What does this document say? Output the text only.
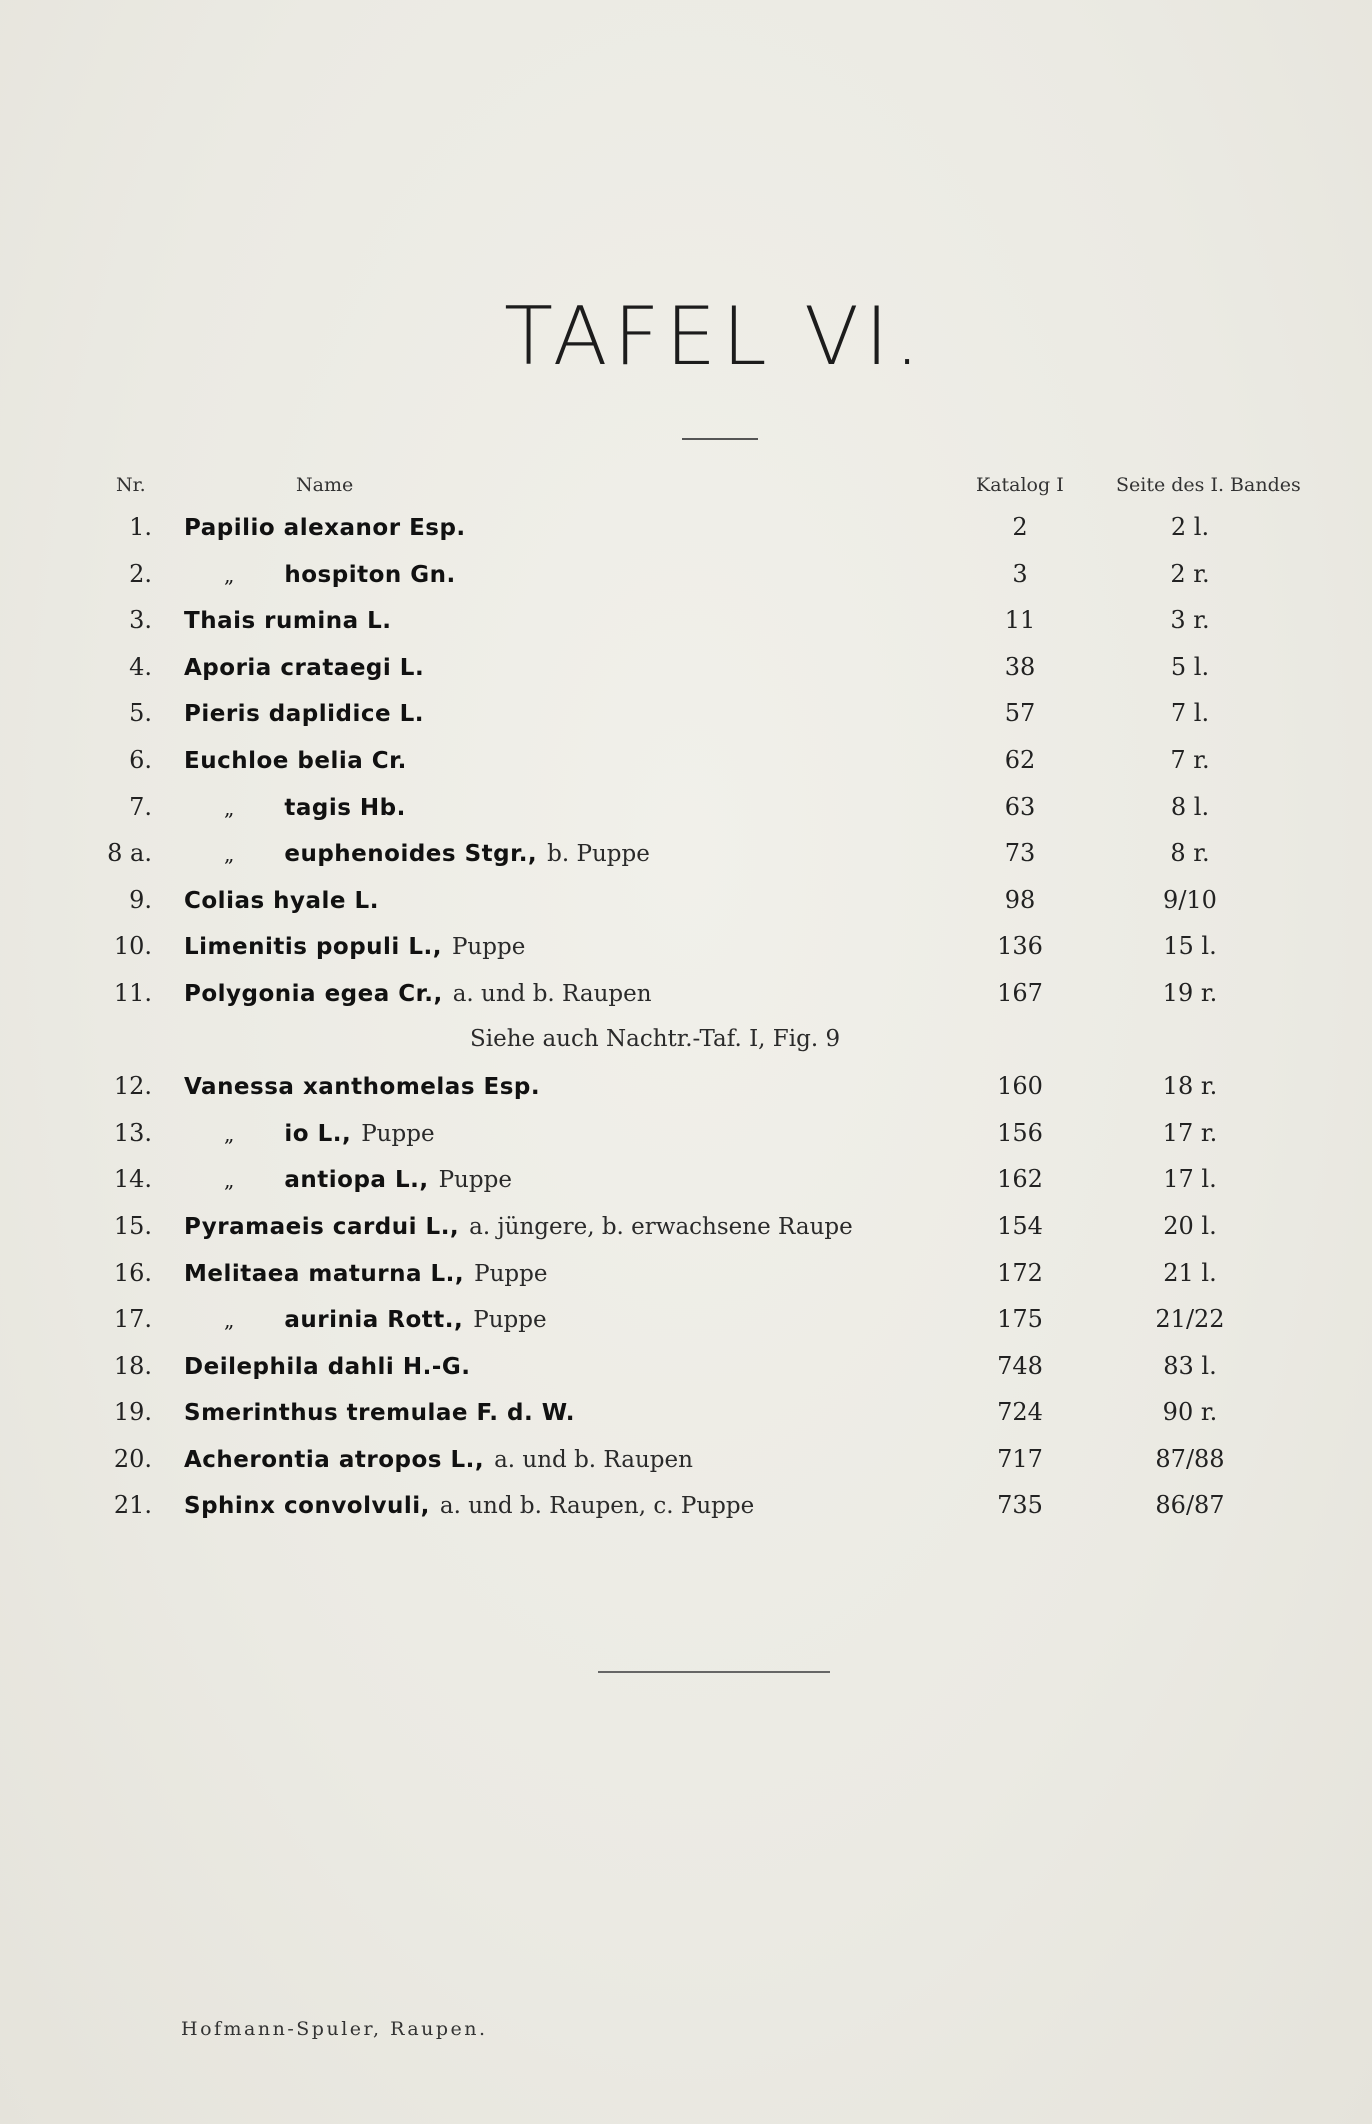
TAFEL VI.
Nr.	Name	Katalog I	Seite des I. Bandes
1. Papilio alexanor Esp.	2	2 l.
2.	„ hospiton Gn.	3	2 r.
3. Thais rumina L.	11	3 r.
4. Aporia crataegi L.	38	5 l.
5. Pieris daplidice L.	57	7 l.
6. Euchloe belia Cr.	62	7 r.
7.	„ tagis Hb.	63	8 l.
8 a.	„ euphenoides Stgr., b. Puppe	73	8 r.
9. Colias hyale L.	98	9/10
10. Limenitis populi L., Puppe	136	15 l.
11. Polygonia egea Cr., a. und b. Raupen	167	19 r.
Siehe auch Nachtr.-Taf. I, Fig. 9
12. Vanessa xanthomelas Esp.	160	18 r.
13.	„ io L., Puppe	156	17 r.
14.	„ antiopa L., Puppe	162	17 l.
15. Pyramaeis cardui L., a. jüngere, b. erwachsene Raupe	154	20 l.
16. Melitaea maturna L., Puppe	172	21 l.
17.	„ aurinia Rott., Puppe	175	21/22
18. Deilephila dahli H.-G.	748	83 l.
19. Smerinthus tremulae F. d. W.	724	90 r.
20. Acherontia atropos L., a. und b. Raupen	717	87/88
21. Sphinx convolvuli, a. und b. Raupen, c. Puppe	735	86/87
Hofmann-Spuler, Raupen.
